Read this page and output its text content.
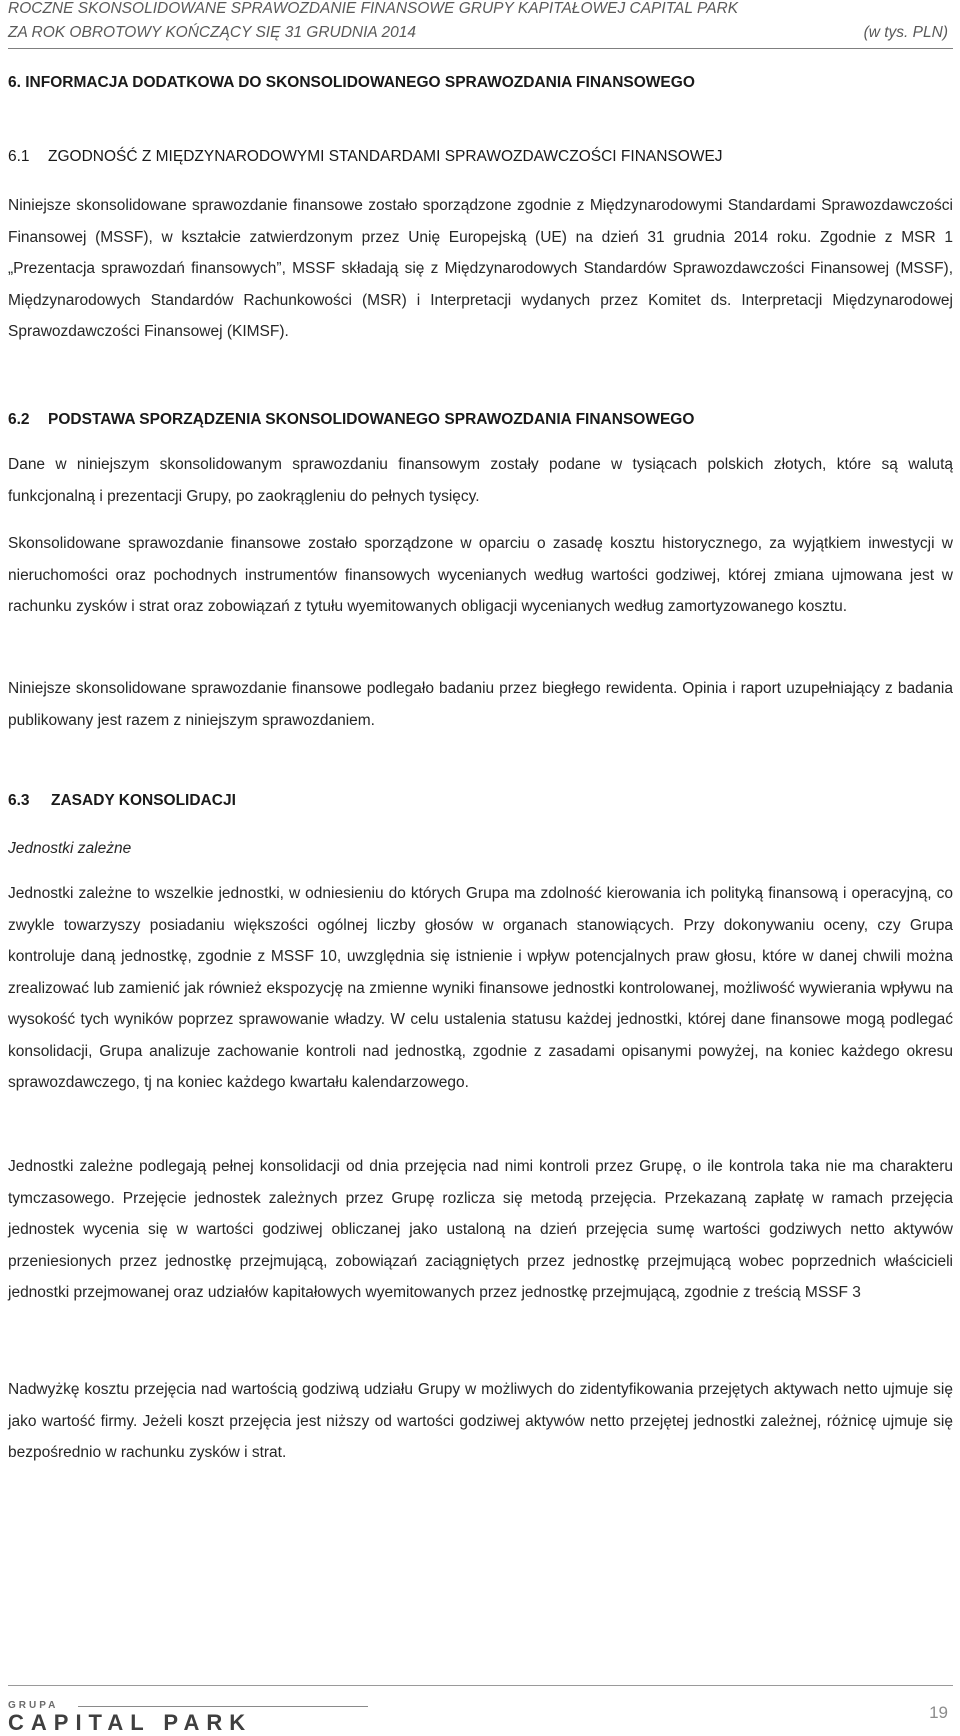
ROCZNE SKONSOLIDOWANE SPRAWOZDANIE FINANSOWE GRUPY KAPITAŁOWEJ CAPITAL PARK
ZA ROK OBROTOWY KOŃCZĄCY SIĘ 31 GRUDNIA 2014	(w tys. PLN)
6. INFORMACJA DODATKOWA DO SKONSOLIDOWANEGO SPRAWOZDANIA FINANSOWEGO
6.1 ZGODNOŚĆ Z MIĘDZYNARODOWYMI STANDARDAMI SPRAWOZDAWCZOŚCI FINANSOWEJ
Niniejsze skonsolidowane sprawozdanie finansowe zostało sporządzone zgodnie z Międzynarodowymi Standardami Sprawozdawczości Finansowej (MSSF), w kształcie zatwierdzonym przez Unię Europejską (UE) na dzień 31 grudnia 2014 roku. Zgodnie z MSR 1 „Prezentacja sprawozdań finansowych”, MSSF składają się z Międzynarodowych Standardów Sprawozdawczości Finansowej (MSSF), Międzynarodowych Standardów Rachunkowości (MSR) i Interpretacji wydanych przez Komitet ds. Interpretacji Międzynarodowej Sprawozdawczości Finansowej (KIMSF).
6.2 PODSTAWA SPORZĄDZENIA SKONSOLIDOWANEGO SPRAWOZDANIA FINANSOWEGO
Dane w niniejszym skonsolidowanym sprawozdaniu finansowym zostały podane w tysiącach polskich złotych, które są walutą funkcjonalną i prezentacji Grupy, po zaokrągleniu do pełnych tysięcy.
Skonsolidowane sprawozdanie finansowe zostało sporządzone w oparciu o zasadę kosztu historycznego, za wyjątkiem inwestycji w nieruchomości oraz pochodnych instrumentów finansowych wycenianych według wartości godziwej, której zmiana ujmowana jest w rachunku zysków i strat oraz zobowiązań z tytułu wyemitowanych obligacji wycenianych według zamortyzowanego kosztu.
Niniejsze skonsolidowane sprawozdanie finansowe podlegało badaniu przez biegłego rewidenta. Opinia i raport uzupełniający z badania publikowany jest razem z niniejszym sprawozdaniem.
6.3 ZASADY KONSOLIDACJI
Jednostki zależne
Jednostki zależne to wszelkie jednostki, w odniesieniu do których Grupa ma zdolność kierowania ich polityką finansową i operacyjną, co zwykle towarzyszy posiadaniu większości ogólnej liczby głosów w organach stanowiących. Przy dokonywaniu oceny, czy Grupa kontroluje daną jednostkę, zgodnie z MSSF 10, uwzględnia się istnienie i wpływ potencjalnych praw głosu, które w danej chwili można zrealizować lub zamienić jak również ekspozycję na zmienne wyniki finansowe jednostki kontrolowanej, możliwość wywierania wpływu na wysokość tych wyników poprzez sprawowanie władzy. W celu ustalenia statusu każdej jednostki, której dane finansowe mogą podlegać konsolidacji, Grupa analizuje zachowanie kontroli nad jednostką, zgodnie z zasadami opisanymi powyżej, na koniec każdego okresu sprawozdawczego, tj na koniec każdego kwartału kalendarzowego.
Jednostki zależne podlegają pełnej konsolidacji od dnia przejęcia nad nimi kontroli przez Grupę, o ile kontrola taka nie ma charakteru tymczasowego. Przejęcie jednostek zależnych przez Grupę rozlicza się metodą przejęcia. Przekazaną zapłatę w ramach przejęcia jednostek wycenia się w wartości godziwej obliczanej jako ustaloną na dzień przejęcia sumę wartości godziwych netto aktywów przeniesionych przez jednostkę przejmującą, zobowiązań zaciągniętych przez jednostkę przejmującą wobec poprzednich właścicieli jednostki przejmowanej oraz udziałów kapitałowych wyemitowanych przez jednostkę przejmującą, zgodnie z treścią MSSF 3
Nadwyżkę kosztu przejęcia nad wartością godziwą udziału Grupy w możliwych do zidentyfikowania przejętych aktywach netto ujmuje się jako wartość firmy. Jeżeli koszt przejęcia jest niższy od wartości godziwej aktywów netto przejętej jednostki zależnej, różnicę ujmuje się bezpośrednio w rachunku zysków i strat.
GRUPA
CAPITAL PARK	19
